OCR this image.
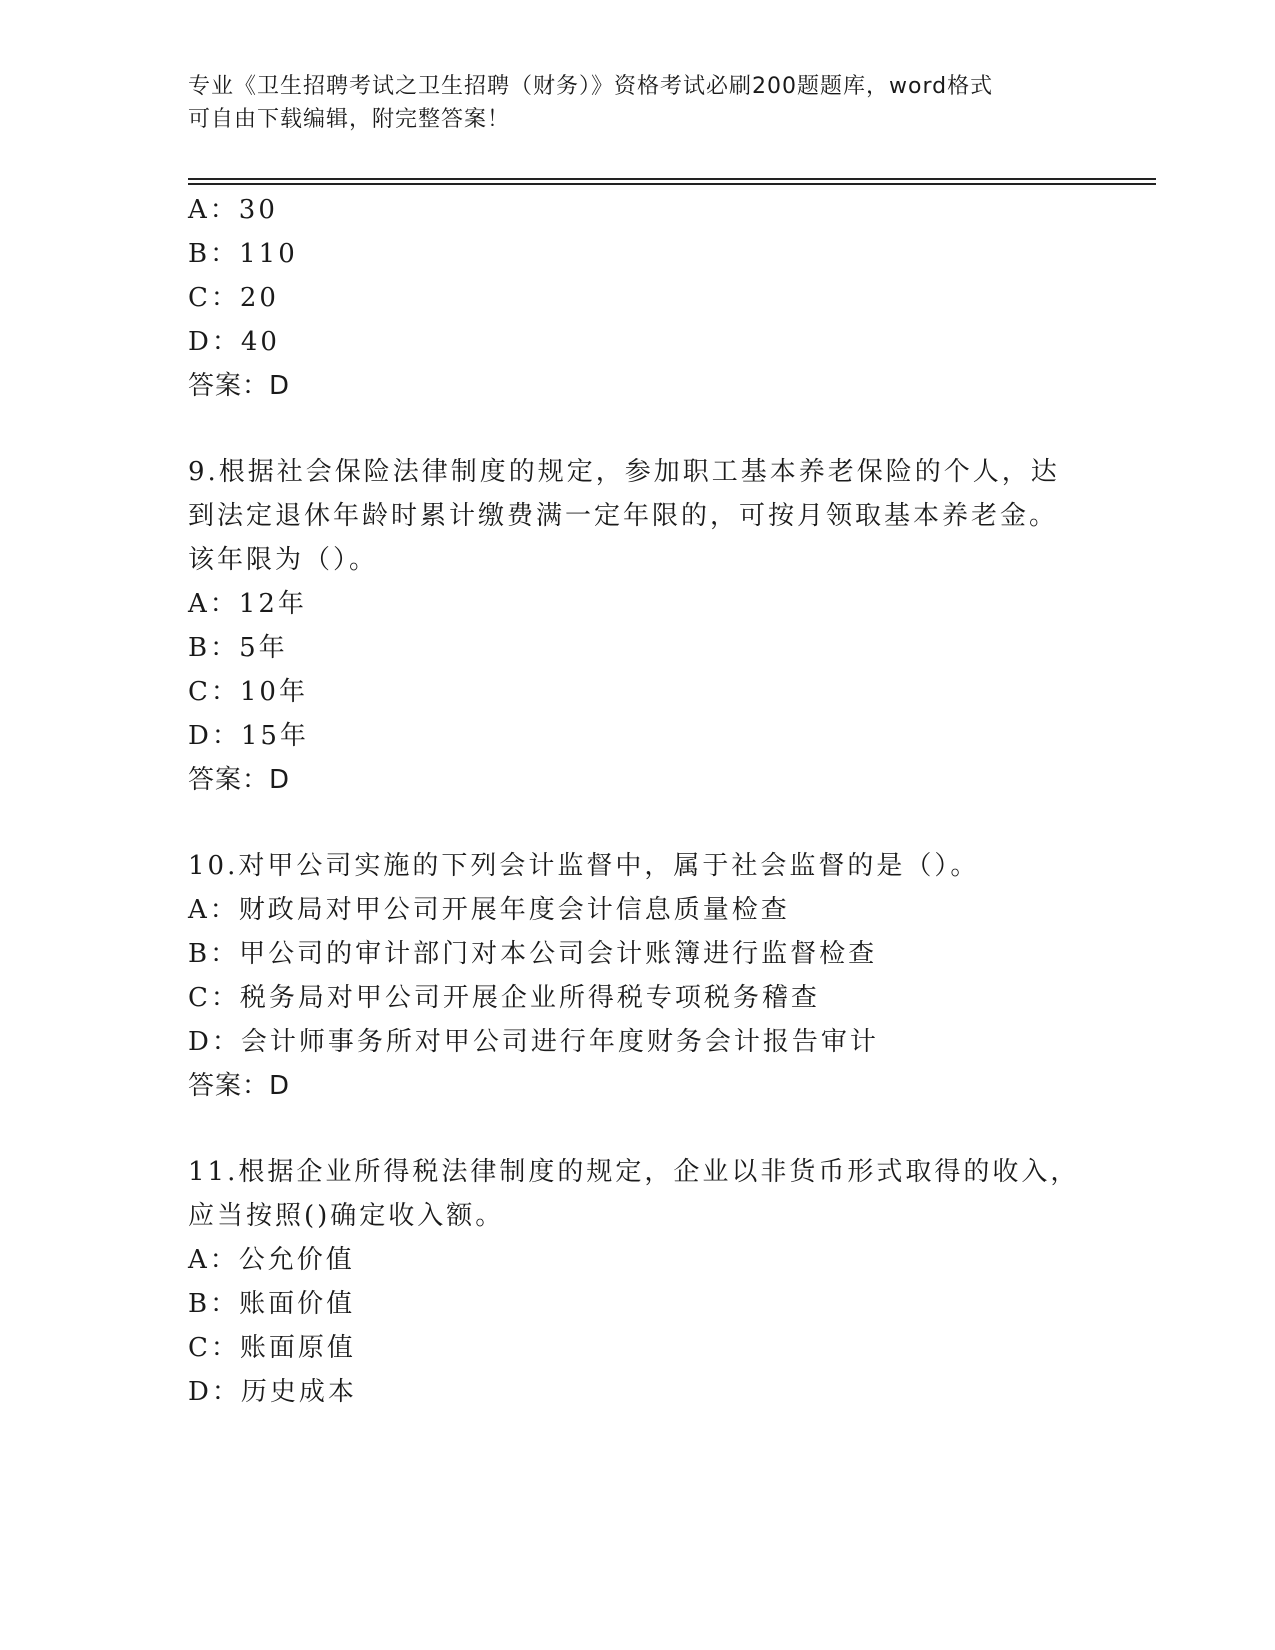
专业《卫生招聘考试之卫生招聘（财务）》资格考试必刷200题题库，word格式
可自由下载编辑，附完整答案！
A：30
B：110
C：20
D：40
答案：D
9.根据社会保险法律制度的规定，参加职工基本养老保险的个人，达
到法定退休年龄时累计缴费满一定年限的，可按月领取基本养老金。
该年限为（）。
A：12年
B：5年
C：10年
D：15年
答案：D
10.对甲公司实施的下列会计监督中，属于社会监督的是（）。
A：财政局对甲公司开展年度会计信息质量检查
B：甲公司的审计部门对本公司会计账簿进行监督检查
C：税务局对甲公司开展企业所得税专项税务稽查
D：会计师事务所对甲公司进行年度财务会计报告审计
答案：D
11.根据企业所得税法律制度的规定，企业以非货币形式取得的收入，
应当按照()确定收入额。
A：公允价值
B：账面价值
C：账面原值
D：历史成本
